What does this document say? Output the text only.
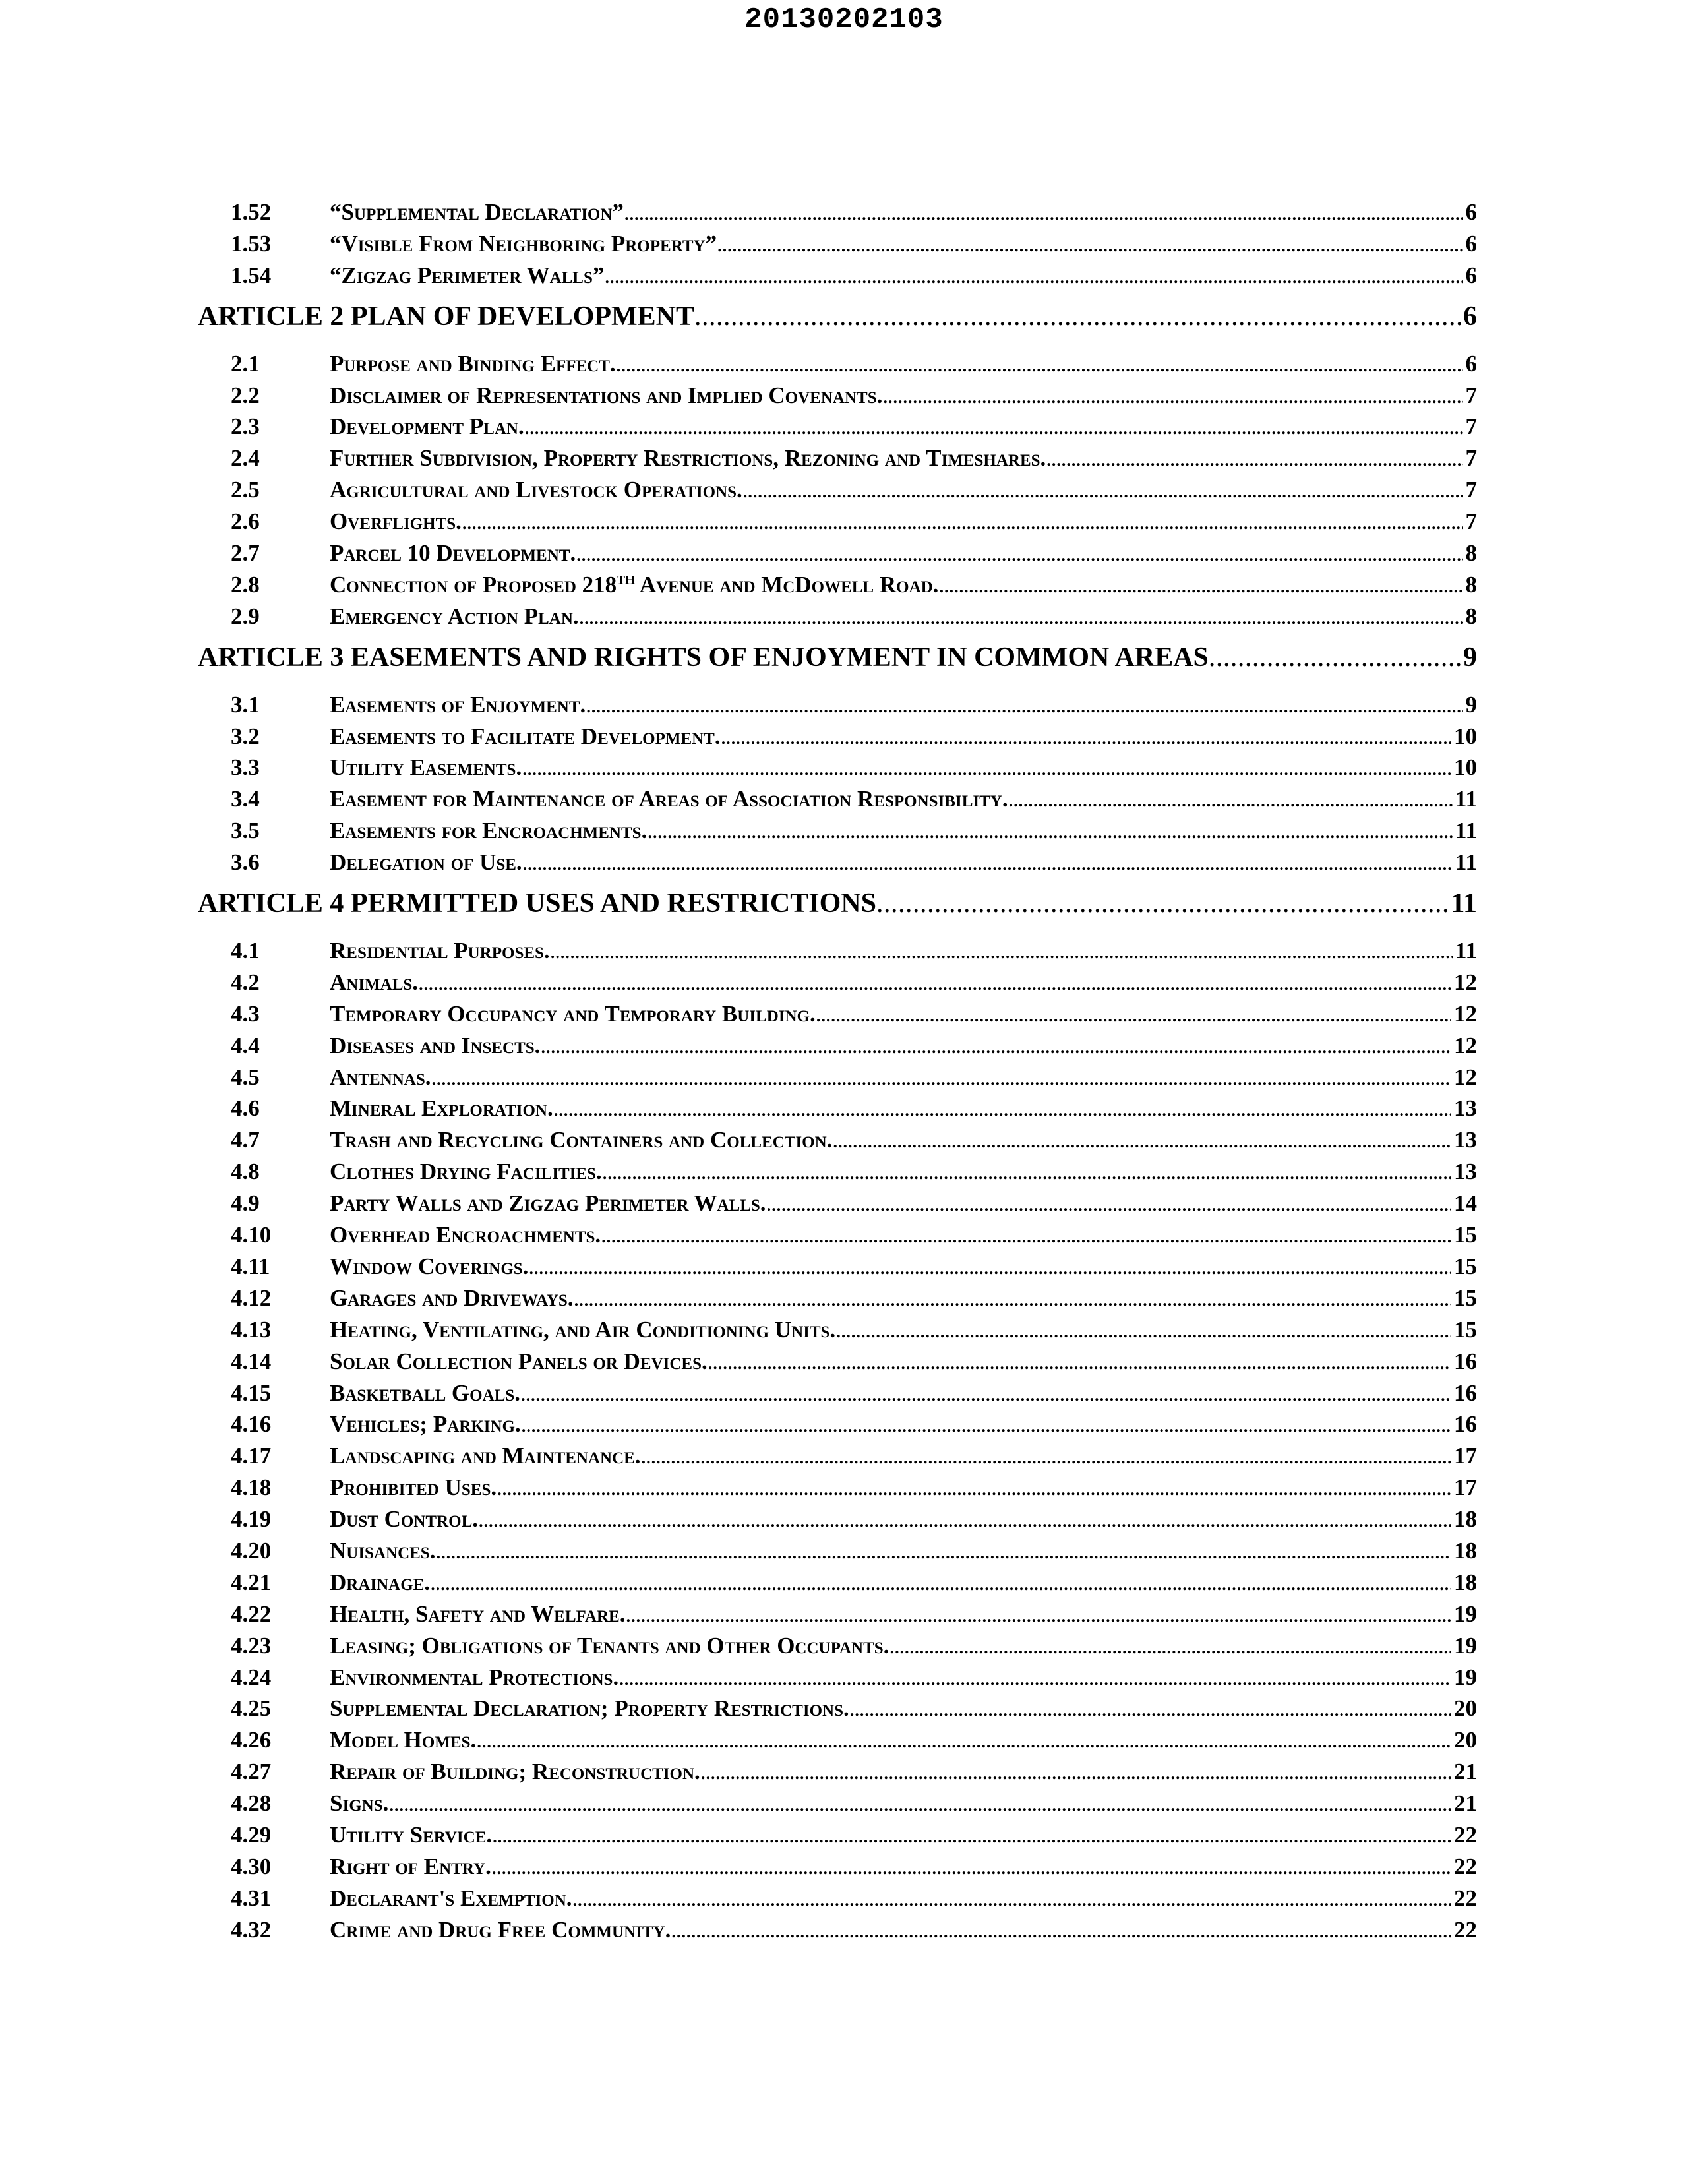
20130202103
1.52	“Supplemental Declaration” . . .	6
1.53	“Visible From Neighboring Property” . . .	6
1.54	“Zigzag Perimeter Walls” . . .	6
ARTICLE 2 PLAN OF DEVELOPMENT . . .	6
2.1	Purpose and Binding Effect. . . .	6
2.2	Disclaimer of Representations and Implied Covenants. . . .	7
2.3	Development Plan. . . .	7
2.4	Further Subdivision, Property Restrictions, Rezoning and Timeshares. . . .	7
2.5	Agricultural and Livestock Operations. . . .	7
2.6	Overflights. . . .	7
2.7	Parcel 10 Development. . . .	8
2.8	Connection of Proposed 218TH Avenue and McDowell Road. . . .	8
2.9	Emergency Action Plan. . . .	8
ARTICLE 3 EASEMENTS AND RIGHTS OF ENJOYMENT IN COMMON AREAS . . .	9
3.1	Easements of Enjoyment. . . .	9
3.2	Easements to Facilitate Development. . . .	10
3.3	Utility Easements. . . .	10
3.4	Easement for Maintenance of Areas of Association Responsibility. . . .	11
3.5	Easements for Encroachments. . . .	11
3.6	Delegation of Use. . . .	11
ARTICLE 4 PERMITTED USES AND RESTRICTIONS . . .	11
4.1	Residential Purposes. . . .	11
4.2	Animals. . . .	12
4.3	Temporary Occupancy and Temporary Building. . . .	12
4.4	Diseases and Insects. . . .	12
4.5	Antennas. . . .	12
4.6	Mineral Exploration. . . .	13
4.7	Trash and Recycling Containers and Collection. . . .	13
4.8	Clothes Drying Facilities. . . .	13
4.9	Party Walls and Zigzag Perimeter Walls. . . .	14
4.10	Overhead Encroachments. . . .	15
4.11	Window Coverings. . . .	15
4.12	Garages and Driveways. . . .	15
4.13	Heating, Ventilating, and Air Conditioning Units. . . .	15
4.14	Solar Collection Panels or Devices. . . .	16
4.15	Basketball Goals. . . .	16
4.16	Vehicles; Parking. . . .	16
4.17	Landscaping and Maintenance. . . .	17
4.18	Prohibited Uses. . . .	17
4.19	Dust Control. . . .	18
4.20	Nuisances. . . .	18
4.21	Drainage. . . .	18
4.22	Health, Safety and Welfare. . . .	19
4.23	Leasing; Obligations of Tenants and Other Occupants. . . .	19
4.24	Environmental Protections. . . .	19
4.25	Supplemental Declaration; Property Restrictions. . . .	20
4.26	Model Homes. . . .	20
4.27	Repair of Building; Reconstruction. . . .	21
4.28	Signs. . . .	21
4.29	Utility Service. . . .	22
4.30	Right of Entry. . . .	22
4.31	Declarant's Exemption. . . .	22
4.32	Crime and Drug Free Community. . . .	22
